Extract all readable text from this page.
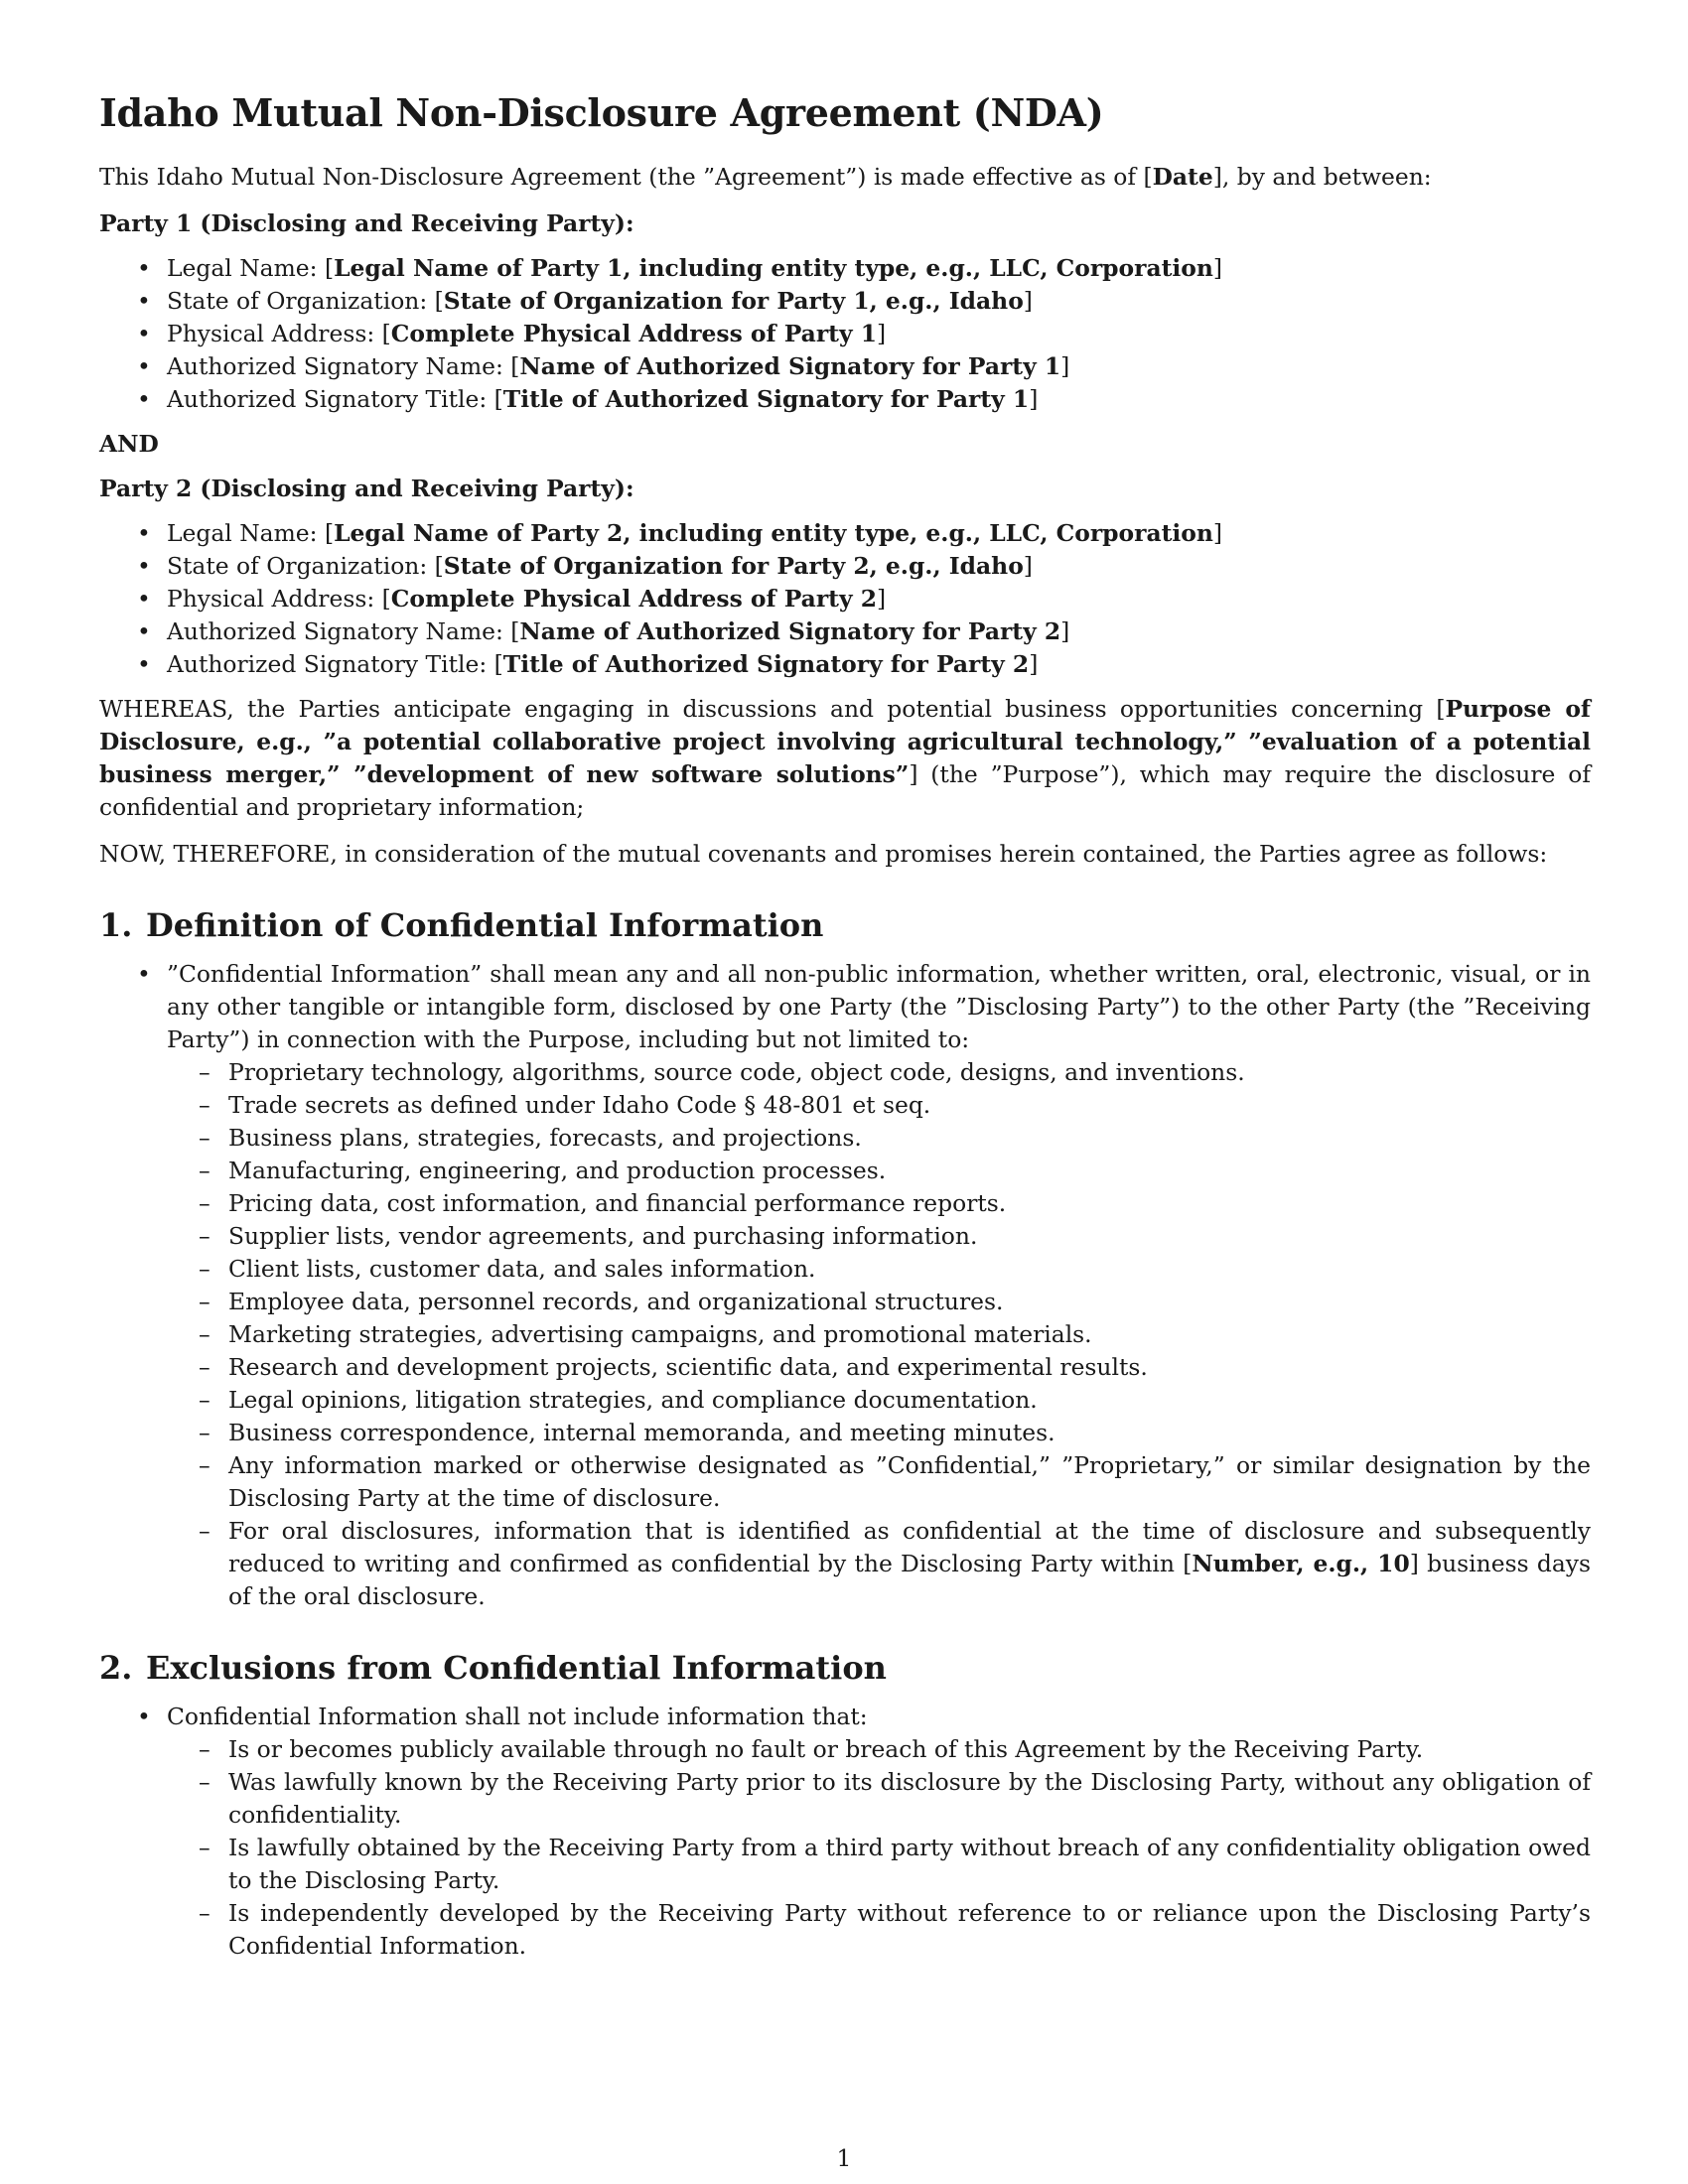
Idaho Mutual Non-Disclosure Agreement (NDA)

This Idaho Mutual Non-Disclosure Agreement (the ”Agreement”) is made effective as of [Date], by and between:

Party 1 (Disclosing and Receiving Party):

• Legal Name: [Legal Name of Party 1, including entity type, e.g., LLC, Corporation]
• State of Organization: [State of Organization for Party 1, e.g., Idaho]
• Physical Address: [Complete Physical Address of Party 1]
• Authorized Signatory Name: [Name of Authorized Signatory for Party 1]
• Authorized Signatory Title: [Title of Authorized Signatory for Party 1]

AND

Party 2 (Disclosing and Receiving Party):

• Legal Name: [Legal Name of Party 2, including entity type, e.g., LLC, Corporation]
• State of Organization: [State of Organization for Party 2, e.g., Idaho]
• Physical Address: [Complete Physical Address of Party 2]
• Authorized Signatory Name: [Name of Authorized Signatory for Party 2]
• Authorized Signatory Title: [Title of Authorized Signatory for Party 2]

WHEREAS, the Parties anticipate engaging in discussions and potential business opportunities concerning [Purpose of Disclosure, e.g., ”a potential collaborative project involving agricultural technology,” ”evaluation of a potential business merger,” ”development of new software solutions”] (the ”Purpose”), which may require the disclosure of confidential and proprietary information;

NOW, THEREFORE, in consideration of the mutual covenants and promises herein contained, the Parties agree as follows:

1. Definition of Confidential Information
• ”Confidential Information” shall mean any and all non-public information, whether written, oral, electronic, visual, or in any other tangible or intangible form, disclosed by one Party (the ”Disclosing Party”) to the other Party (the ”Receiving Party”) in connection with the Purpose, including but not limited to:
– Proprietary technology, algorithms, source code, object code, designs, and inventions.
– Trade secrets as defined under Idaho Code § 48-801 et seq.
– Business plans, strategies, forecasts, and projections.
– Manufacturing, engineering, and production processes.
– Pricing data, cost information, and financial performance reports.
– Supplier lists, vendor agreements, and purchasing information.
– Client lists, customer data, and sales information.
– Employee data, personnel records, and organizational structures.
– Marketing strategies, advertising campaigns, and promotional materials.
– Research and development projects, scientific data, and experimental results.
– Legal opinions, litigation strategies, and compliance documentation.
– Business correspondence, internal memoranda, and meeting minutes.
– Any information marked or otherwise designated as ”Confidential,” ”Proprietary,” or similar designation by the Disclosing Party at the time of disclosure.
– For oral disclosures, information that is identified as confidential at the time of disclosure and subsequently reduced to writing and confirmed as confidential by the Disclosing Party within [Number, e.g., 10] business days of the oral disclosure.
2. Exclusions from Confidential Information
• Confidential Information shall not include information that:
– Is or becomes publicly available through no fault or breach of this Agreement by the Receiving Party.
– Was lawfully known by the Receiving Party prior to its disclosure by the Disclosing Party, without any obligation of confidentiality.
– Is lawfully obtained by the Receiving Party from a third party without breach of any confidentiality obligation owed to the Disclosing Party.
– Is independently developed by the Receiving Party without reference to or reliance upon the Disclosing Party’s Confidential Information.
1
